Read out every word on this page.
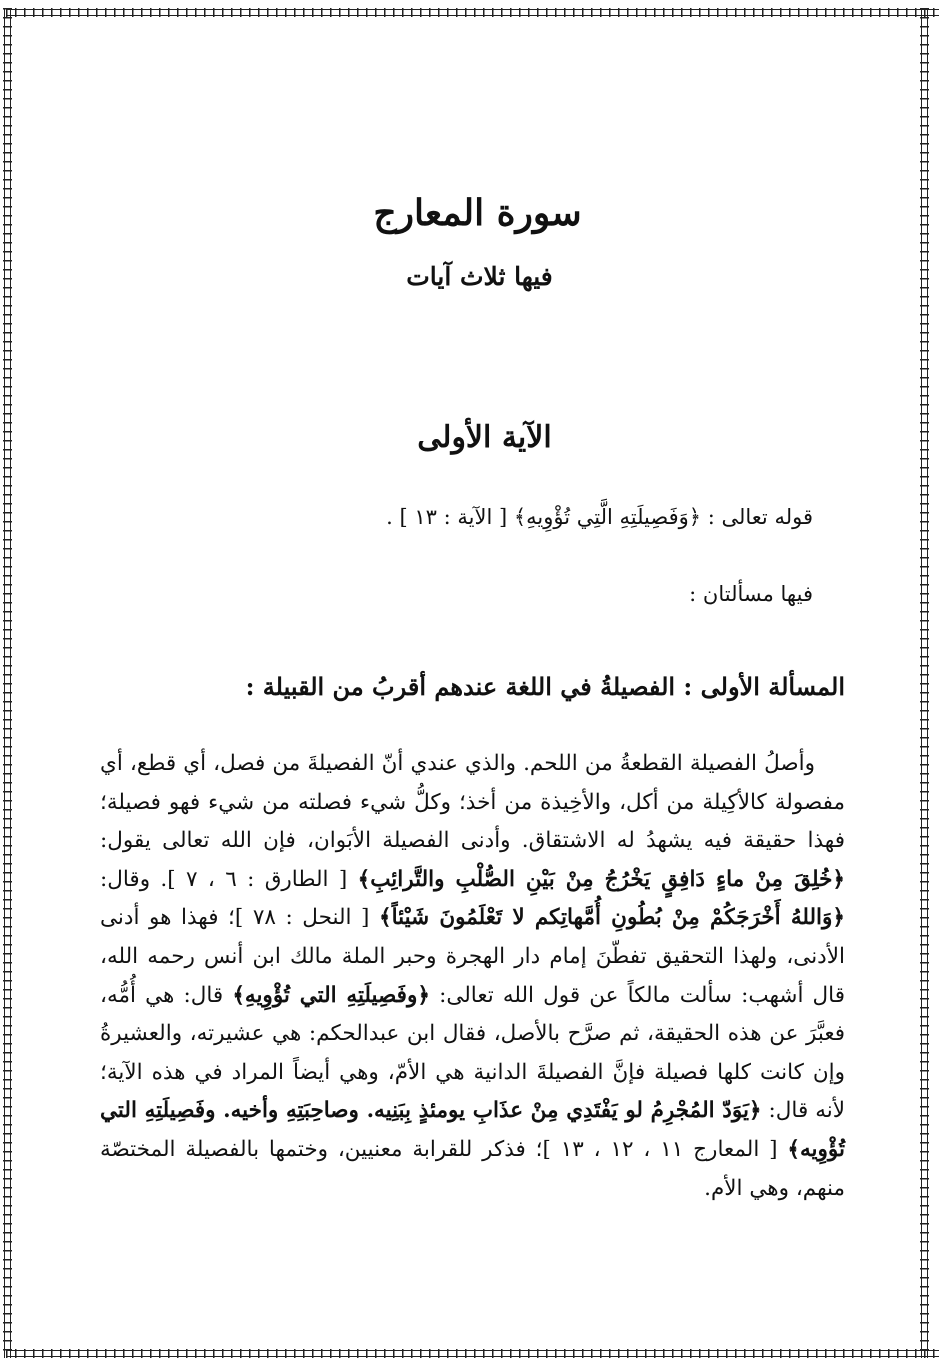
سورة المعارج
فيها ثلاث آيات
الآية الأولى
قوله تعالى : ﴿وَفَصِيلَتِهِ الَّتِي تُؤْوِيهِ﴾ [ الآية : ١٣ ] .
فيها مسألتان :
المسألة الأولى : الفصيلةُ في اللغة عندهم أقربُ من القبيلة :

وأصلُ الفصيلة القطعةُ من اللحم. والذي عندي أنّ الفصيلةَ من فصل، أي قطع، أي مفصولة كالأكِيلة من أكل، والأخِيذة من أخذ؛ وكلُّ شيء فصلته من شيء فهو فصيلة؛ فهذا حقيقة فيه يشهدُ له الاشتقاق. وأدنى الفصيلة الأبَوان، فإن الله تعالى يقول: ﴿خُلِقَ مِنْ ماءٍ دَافِقٍ يَخْرُجُ مِنْ بَيْنِ الصُّلْبِ والتَّرائِبِ﴾ [ الطارق : ٦ ، ٧ ]. وقال: ﴿وَاللهُ أَخْرَجَكُمْ مِنْ بُطُونِ أُمَّهاتِكم لا تَعْلَمُونَ شَيْئاً﴾ [ النحل : ٧٨ ]؛ فهذا هو أدنى الأدنى، ولهذا التحقيق تفطّنَ إمام دار الهجرة وحبر الملة مالك ابن أنس رحمه الله، قال أشهب: سألت مالكاً عن قول الله تعالى: ﴿وفَصِيلَتِهِ التي تُؤْوِيهِ﴾ قال: هي أُمُّه، فعبَّرَ عن هذه الحقيقة، ثم صرَّح بالأصل، فقال ابن عبدالحكم: هي عشيرته، والعشيرةُ وإن كانت كلها فصيلة فإنَّ الفصيلةَ الدانية هي الأمّ، وهي أيضاً المراد في هذه الآية؛ لأنه قال: ﴿يَوَدّ المُجْرِمُ لو يَفْتَدِي مِنْ عذَابِ يومئذٍ بِبَنِيه. وصاحِبَتِهِ وأخيه. وفَصِيلَتِهِ التي تُؤْوِيه﴾ [ المعارج ١١ ، ١٢ ، ١٣ ]؛ فذكر للقرابة معنيين، وختمها بالفصيلة المختصّة منهم، وهي الأم.
